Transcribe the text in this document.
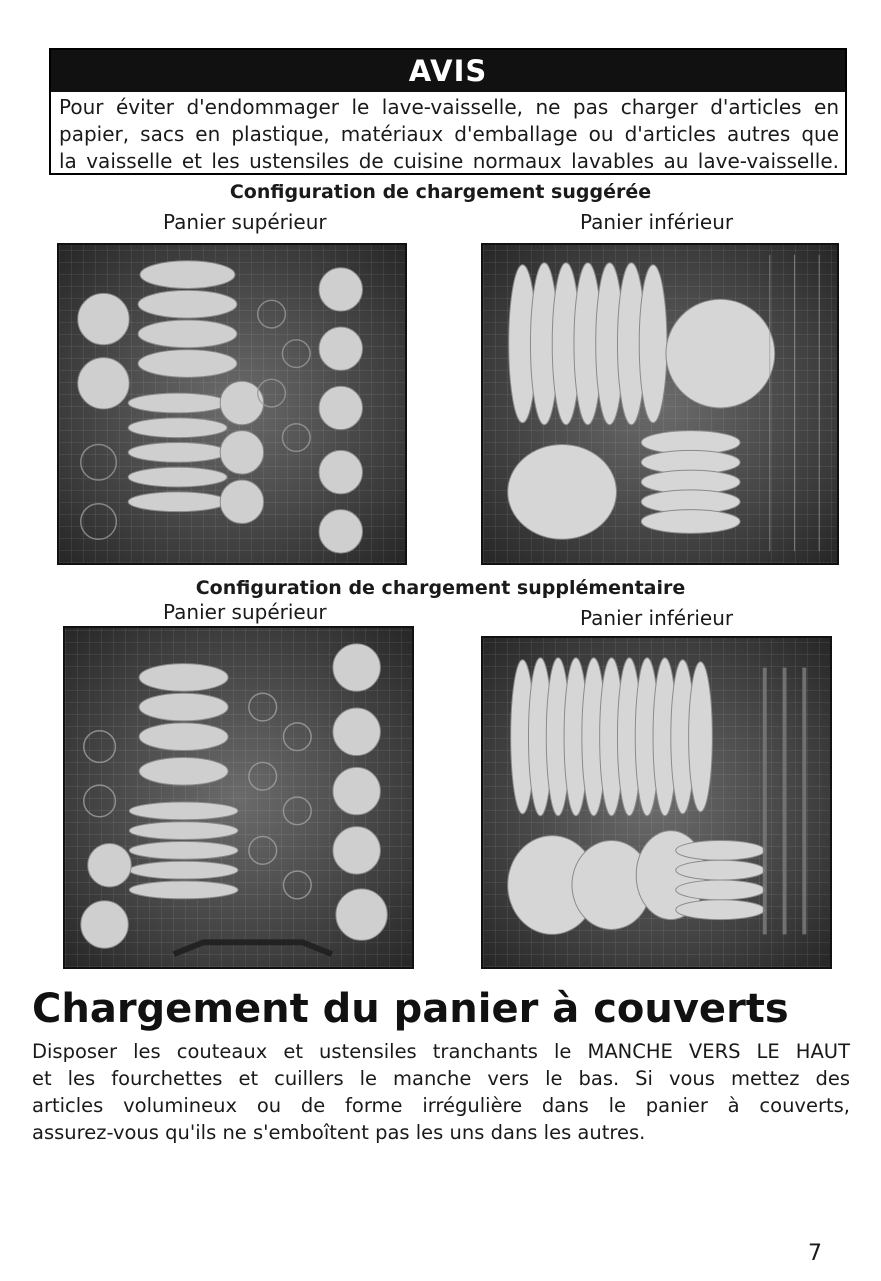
AVIS
Pour éviter d'endommager le lave-vaisselle, ne pas charger d'articles en
papier, sacs en plastique, matériaux d'emballage ou d'articles autres que
la vaisselle et les ustensiles de cuisine normaux lavables au lave-vaisselle.
Configuration de chargement suggérée
Panier supérieur	Panier inférieur
Configuration de chargement supplémentaire
Panier supérieur	Panier inférieur
Chargement du panier à couverts
Disposer les couteaux et ustensiles tranchants le MANCHE VERS LE HAUT
et les fourchettes et cuillers le manche vers le bas. Si vous mettez des
articles volumineux ou de forme irrégulière dans le panier à couverts,
assurez-vous qu'ils ne s'emboîtent pas les uns dans les autres.
7
